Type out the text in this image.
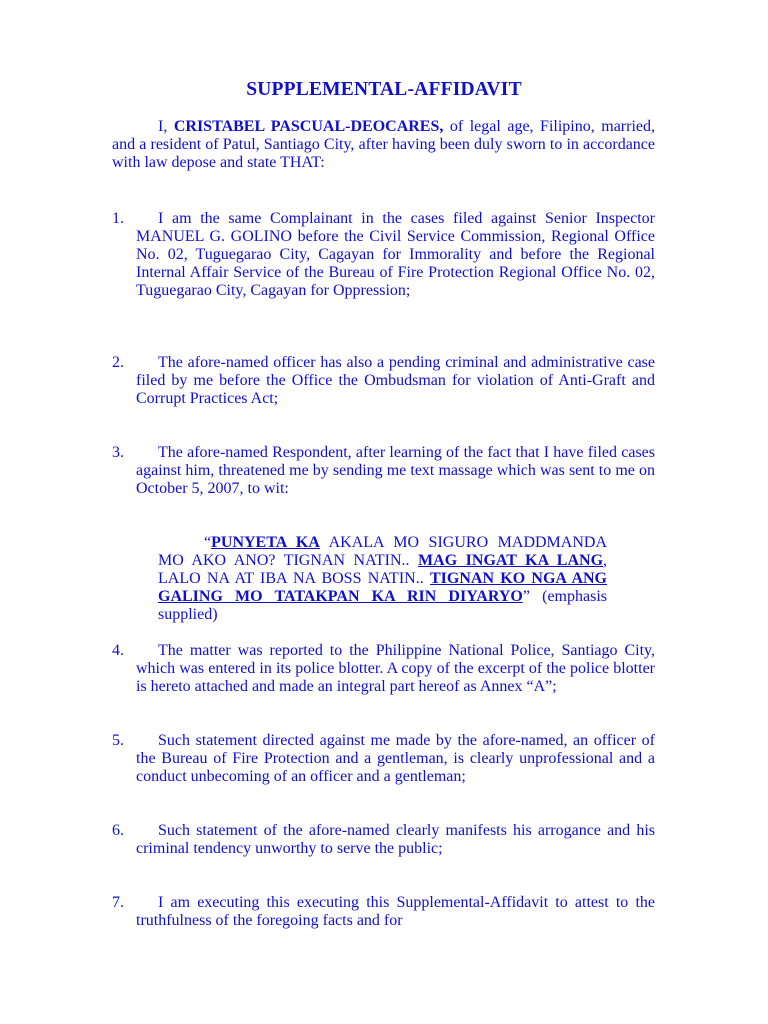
SUPPLEMENTAL-AFFIDAVIT
I, CRISTABEL PASCUAL-DEOCARES, of legal age, Filipino, married, and a resident of Patul, Santiago City, after having been duly sworn to in accordance with law depose and state THAT:
1.	I am the same Complainant in the cases filed against Senior Inspector MANUEL G. GOLINO before the Civil Service Commission, Regional Office No. 02, Tuguegarao City, Cagayan for Immorality and before the Regional Internal Affair Service of the Bureau of Fire Protection Regional Office No. 02, Tuguegarao City, Cagayan for Oppression;
2.	The afore-named officer has also a pending criminal and administrative case filed by me before the Office the Ombudsman for violation of Anti-Graft and Corrupt Practices Act;
3.	The afore-named Respondent, after learning of the fact that I have filed cases against him, threatened me by sending me text massage which was sent to me on October 5, 2007, to wit:
“PUNYETA KA AKALA MO SIGURO MADDMANDA MO AKO ANO? TIGNAN NATIN.. MAG INGAT KA LANG, LALO NA AT IBA NA BOSS NATIN.. TIGNAN KO NGA ANG GALING MO TATAKPAN KA RIN DIYARYO” (emphasis supplied)
4.	The matter was reported to the Philippine National Police, Santiago City, which was entered in its police blotter. A copy of the excerpt of the police blotter is hereto attached and made an integral part hereof as Annex “A”;
5.	Such statement directed against me made by the afore-named, an officer of the Bureau of Fire Protection and a gentleman, is clearly unprofessional and a conduct unbecoming of an officer and a gentleman;
6.	Such statement of the afore-named clearly manifests his arrogance and his criminal tendency unworthy to serve the public;
7.	I am executing this executing this Supplemental-Affidavit to attest to the truthfulness of the foregoing facts and for
